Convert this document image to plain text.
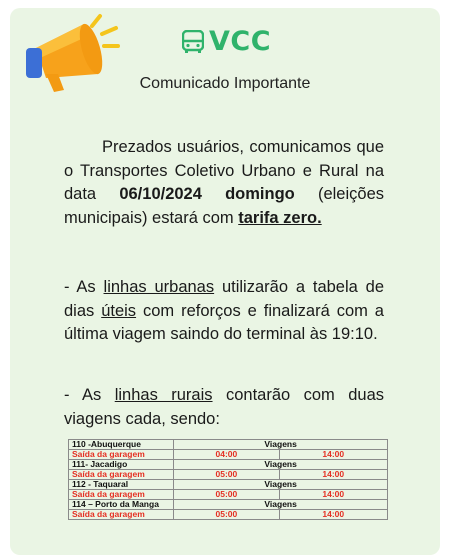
VCC
Comunicado Importante
Prezados usuários, comunicamos que o Transportes Coletivo Urbano e Rural na data 06/10/2024 domingo (eleições municipais) estará com tarifa zero.
- As linhas urbanas utilizarão a tabela de dias úteis com reforços e finalizará com a última viagem saindo do terminal às 19:10.
- As linhas rurais contarão com duas
viagens cada, sendo:
110 -Abuquerque	Viagens	
Saída da garagem	04:00	14:00
111- Jacadigo	Viagens	
Saída da garagem	05:00	14:00
112 - Taquaral	Viagens	
Saída da garagem	05:00	14:00
114 – Porto da Manga	Viagens	
Saída da garagem	05:00	14:00
